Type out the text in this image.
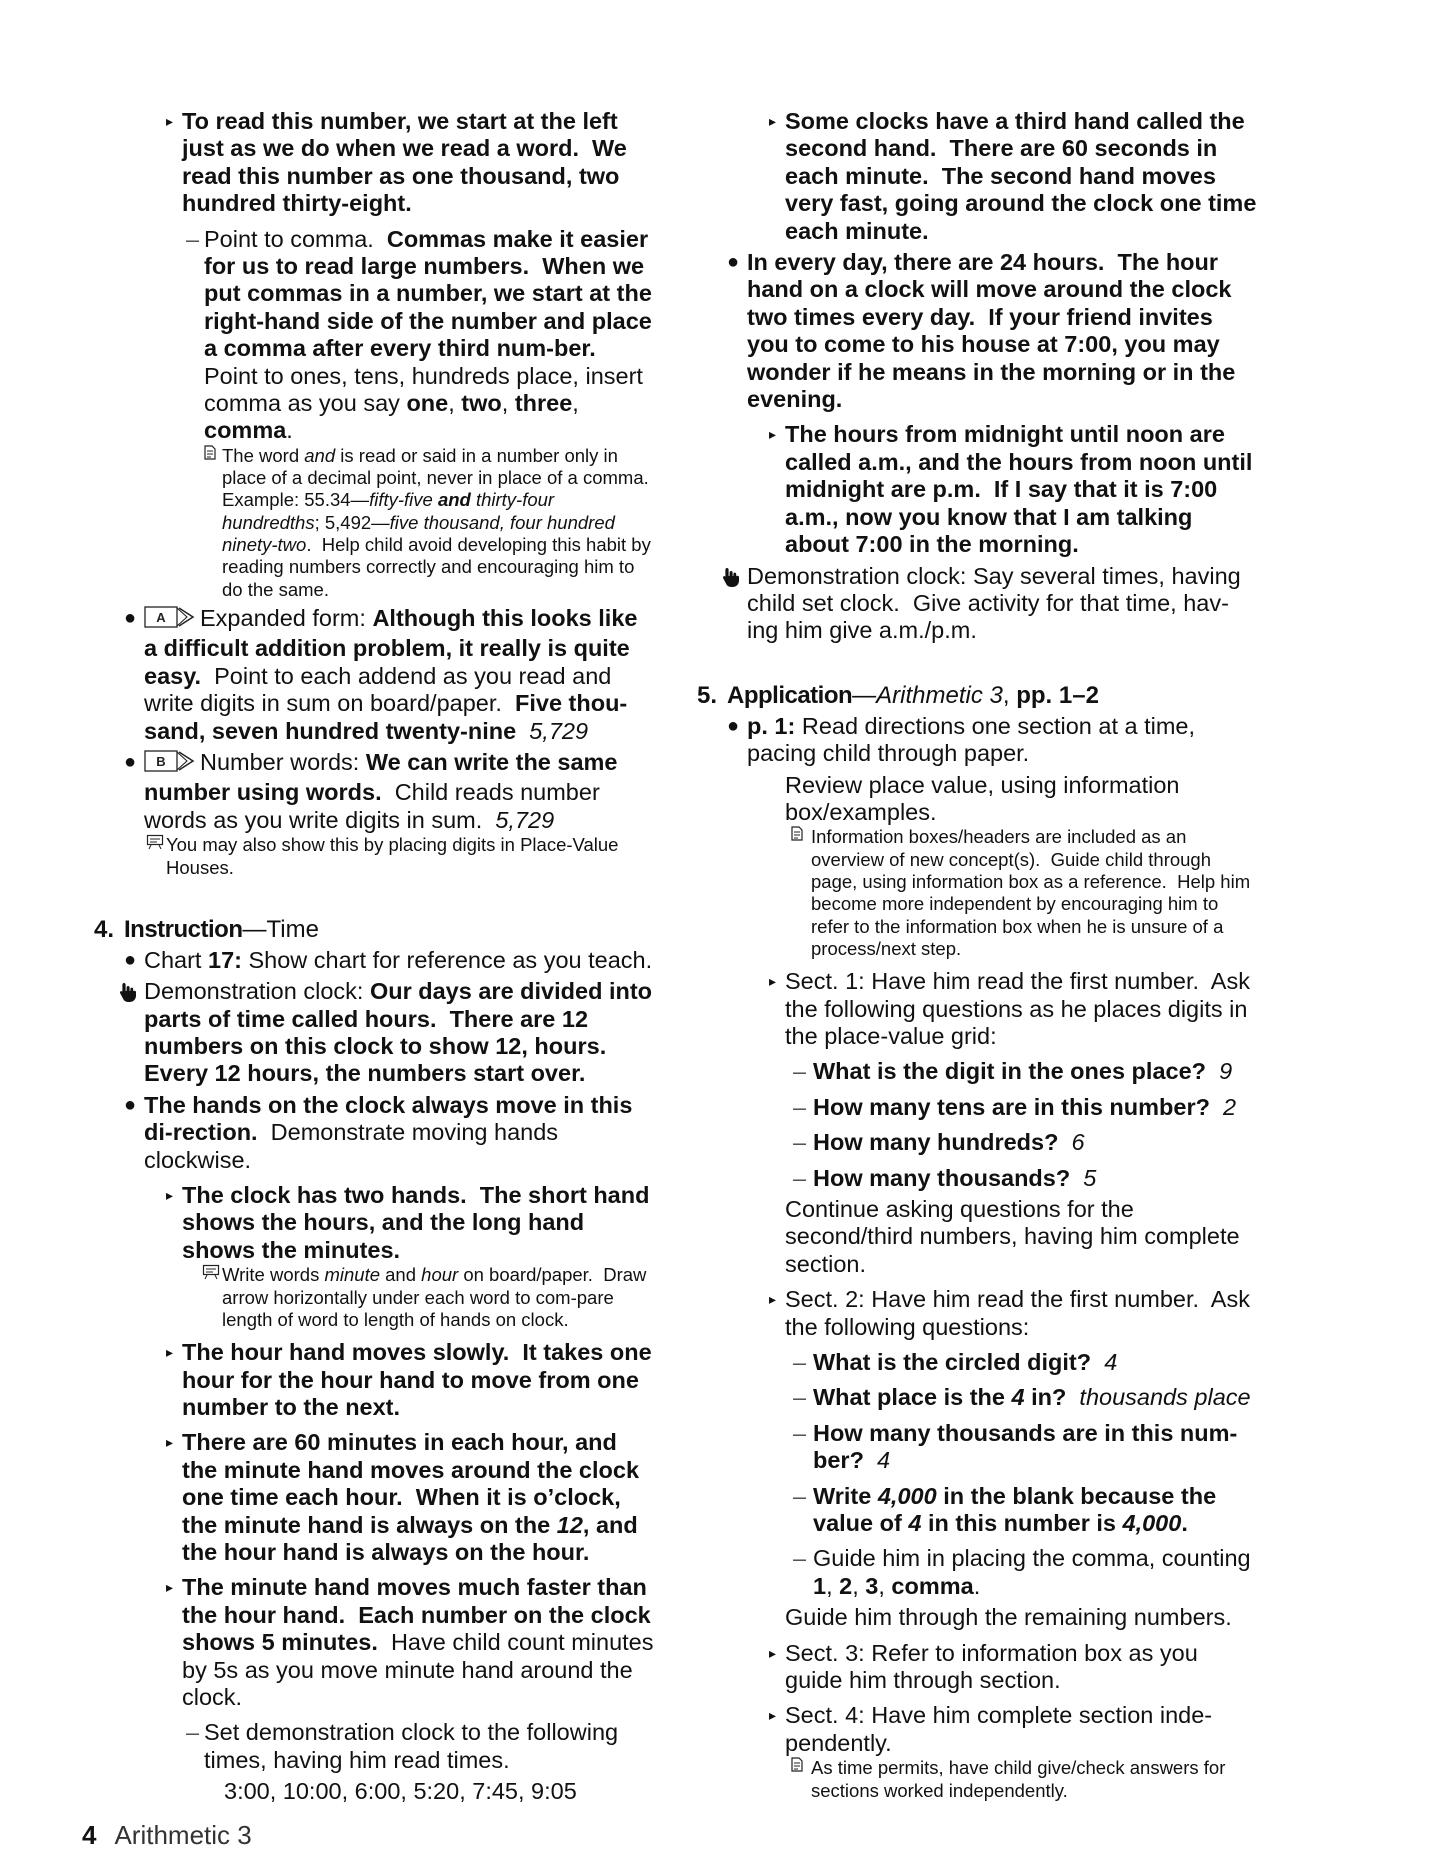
▸ To read this number, we start at the left just as we do when we read a word.  We read this number as one thousand, two hundred thirty-eight.
– Point to comma.  Commas make it easier for us to read large numbers.  When we put commas in a number, we start at the right-hand side of the number and place a comma after every third num-ber.  Point to ones, tens, hundreds place, insert comma as you say one, two, three, comma.
The word and is read or said in a number only in place of a decimal point, never in place of a comma.  Example: 55.34—fifty-five and thirty-four hundredths; 5,492—five thousand, four hundred ninety-two.  Help child avoid developing this habit by reading numbers correctly and encouraging him to do the same.
● A Expanded form: Although this looks like a difficult addition problem, it really is quite easy.  Point to each addend as you read and write digits in sum on board/paper.  Five thou-sand, seven hundred twenty-nine 5,729
● B Number words: We can write the same number using words.  Child reads number words as you write digits in sum.  5,729
You may also show this by placing digits in Place-Value Houses.
4. Instruction—Time
● Chart 17: Show chart for reference as you teach.
Demonstration clock: Our days are divided into parts of time called hours.  There are 12 numbers on this clock to show 12, hours.  Every 12 hours, the numbers start over.
● The hands on the clock always move in this di-rection.  Demonstrate moving hands clockwise.
▸ The clock has two hands.  The short hand shows the hours, and the long hand shows the minutes.
Write words minute and hour on board/paper.  Draw arrow horizontally under each word to com-pare length of word to length of hands on clock.
▸ The hour hand moves slowly.  It takes one hour for the hour hand to move from one number to the next.
▸ There are 60 minutes in each hour, and the minute hand moves around the clock one time each hour.  When it is o’clock, the minute hand is always on the 12, and the hour hand is always on the hour.
▸ The minute hand moves much faster than the hour hand.  Each number on the clock shows 5 minutes.  Have child count minutes by 5s as you move minute hand around the clock.
– Set demonstration clock to the following times, having him read times.
3:00, 10:00, 6:00, 5:20, 7:45, 9:05
▸ Some clocks have a third hand called the second hand.  There are 60 seconds in each minute.  The second hand moves very fast, going around the clock one time each minute.
● In every day, there are 24 hours.  The hour hand on a clock will move around the clock two times every day.  If your friend invites you to come to his house at 7:00, you may wonder if he means in the morning or in the evening.
▸ The hours from midnight until noon are called a.m., and the hours from noon until midnight are p.m.  If I say that it is 7:00 a.m., now you know that I am talking about 7:00 in the morning.
Demonstration clock: Say several times, having child set clock.  Give activity for that time, hav-ing him give a.m./p.m.
5. Application—Arithmetic 3, pp. 1–2
● p. 1: Read directions one section at a time, pacing child through paper.
Review place value, using information box/examples.
Information boxes/headers are included as an overview of new concept(s).  Guide child through page, using information box as a reference.  Help him become more independent by encouraging him to refer to the information box when he is unsure of a process/next step.
▸ Sect. 1: Have him read the first number.  Ask the following questions as he places digits in the place-value grid:
– What is the digit in the ones place? 9
– How many tens are in this number? 2
– How many hundreds? 6
– How many thousands? 5
Continue asking questions for the second/third numbers, having him complete section.
▸ Sect. 2: Have him read the first number.  Ask the following questions:
– What is the circled digit? 4
– What place is the 4 in? thousands place
– How many thousands are in this num-ber? 4
– Write 4,000 in the blank because the value of 4 in this number is 4,000.
– Guide him in placing the comma, counting 1, 2, 3, comma.
Guide him through the remaining numbers.
▸ Sect. 3: Refer to information box as you guide him through section.
▸ Sect. 4: Have him complete section inde-pendently.
As time permits, have child give/check answers for sections worked independently.
4 Arithmetic 3
